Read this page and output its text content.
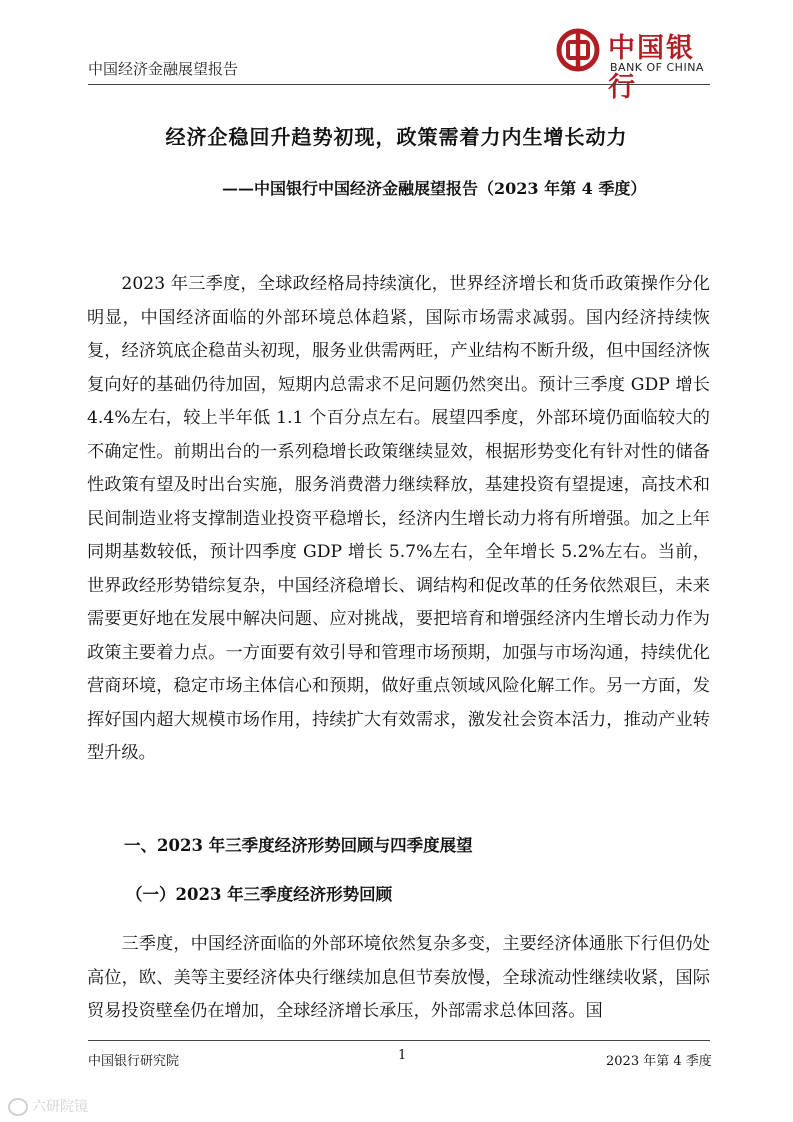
中国经济金融展望报告
中国银行
BANK OF CHINA
经济企稳回升趋势初现，政策需着力内生增长动力
——中国银行中国经济金融展望报告（2023 年第 4 季度）
2023 年三季度，全球政经格局持续演化，世界经济增长和货币政策操作分化明显，中国经济面临的外部环境总体趋紧，国际市场需求减弱。国内经济持续恢复，经济筑底企稳苗头初现，服务业供需两旺，产业结构不断升级，但中国经济恢复向好的基础仍待加固，短期内总需求不足问题仍然突出。预计三季度 GDP 增长 4.4%左右，较上半年低 1.1 个百分点左右。展望四季度，外部环境仍面临较大的不确定性。前期出台的一系列稳增长政策继续显效，根据形势变化有针对性的储备性政策有望及时出台实施，服务消费潜力继续释放，基建投资有望提速，高技术和民间制造业将支撑制造业投资平稳增长，经济内生增长动力将有所增强。加之上年同期基数较低，预计四季度 GDP 增长 5.7%左右，全年增长 5.2%左右。当前，世界政经形势错综复杂，中国经济稳增长、调结构和促改革的任务依然艰巨，未来需要更好地在发展中解决问题、应对挑战，要把培育和增强经济内生增长动力作为政策主要着力点。一方面要有效引导和管理市场预期，加强与市场沟通，持续优化营商环境，稳定市场主体信心和预期，做好重点领域风险化解工作。另一方面，发挥好国内超大规模市场作用，持续扩大有效需求，激发社会资本活力，推动产业转型升级。
一、2023 年三季度经济形势回顾与四季度展望
（一）2023 年三季度经济形势回顾
三季度，中国经济面临的外部环境依然复杂多变，主要经济体通胀下行但仍处高位，欧、美等主要经济体央行继续加息但节奏放慢，全球流动性继续收紧，国际贸易投资壁垒仍在增加，全球经济增长承压，外部需求总体回落。国
中国银行研究院	1	2023 年第 4 季度
六研院镜
